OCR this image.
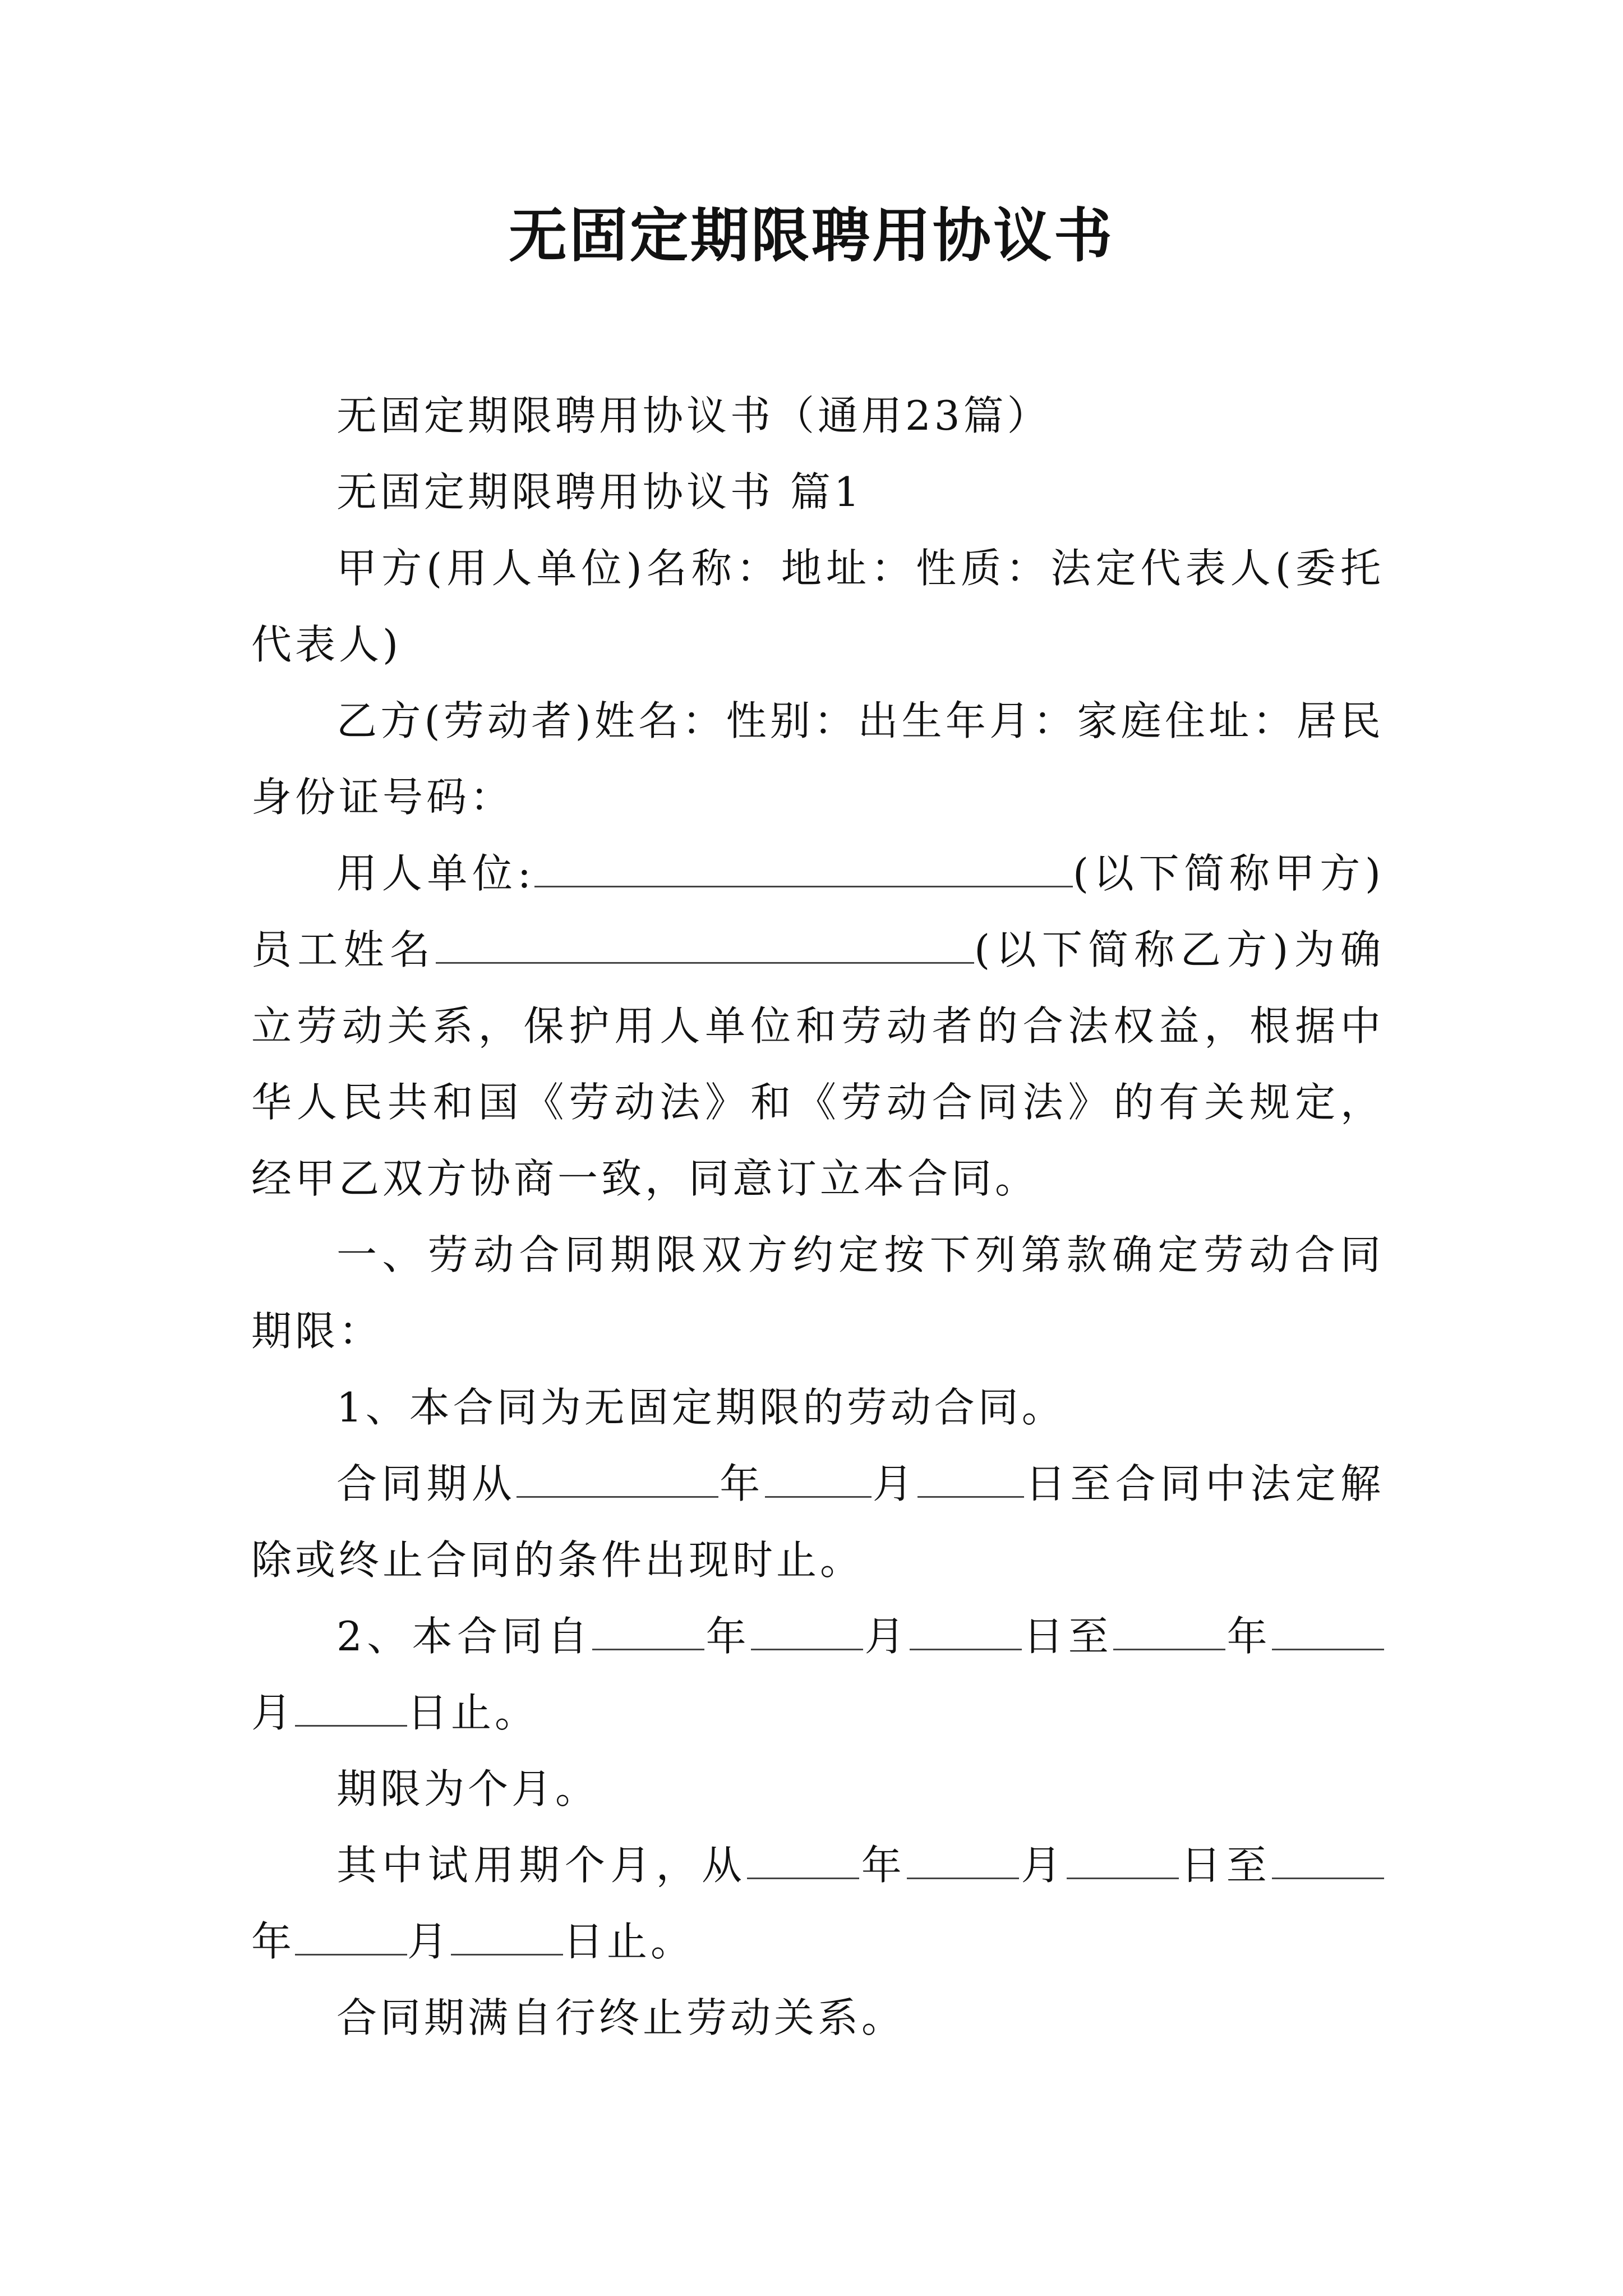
无固定期限聘用协议书

无固定期限聘用协议书（通用23篇）

无固定期限聘用协议书 篇1

甲方(用人单位)名称：地址：性质：法定代表人(委托代表人)

乙方(劳动者)姓名：性别：出生年月：家庭住址：居民身份证号码：

用人单位:	(以下简称甲方)员工姓名	(以下简称乙方)为确立劳动关系，保护用人单位和劳动者的合法权益，根据中华人民共和国《劳动法》和《劳动合同法》的有关规定，经甲乙双方协商一致，同意订立本合同。

一、劳动合同期限双方约定按下列第款确定劳动合同期限：

1、本合同为无固定期限的劳动合同。

合同期从	年	月	日至合同中法定解除或终止合同的条件出现时止。

2、本合同自	年	月	日至	年月	日止。

期限为个月。

其中试用期个月，从	年	月	日至年	月	日止。

合同期满自行终止劳动关系。
